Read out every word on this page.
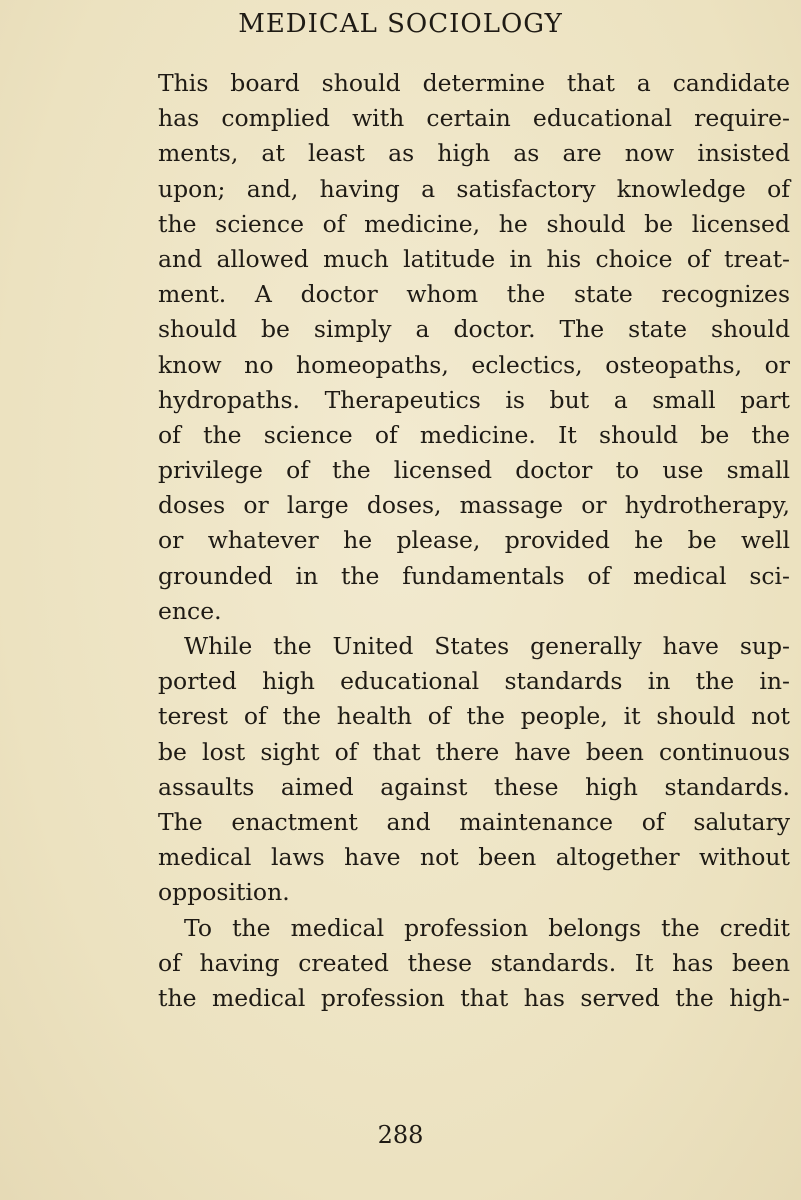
MEDICAL SOCIOLOGY
This board should determine that a candidate
has complied with certain educational require-
ments, at least as high as are now insisted
upon; and, having a satisfactory knowledge of
the science of medicine, he should be licensed
and allowed much latitude in his choice of treat-
ment. A doctor whom the state recognizes
should be simply a doctor. The state should
know no homeopaths, eclectics, osteopaths, or
hydropaths. Therapeutics is but a small part
of the science of medicine. It should be the
privilege of the licensed doctor to use small
doses or large doses, massage or hydrotherapy,
or whatever he please, provided he be well
grounded in the fundamentals of medical sci-
ence.
While the United States generally have sup-
ported high educational standards in the in-
terest of the health of the people, it should not
be lost sight of that there have been continuous
assaults aimed against these high standards.
The enactment and maintenance of salutary
medical laws have not been altogether without
opposition.
To the medical profession belongs the credit
of having created these standards. It has been
the medical profession that has served the high-
288
